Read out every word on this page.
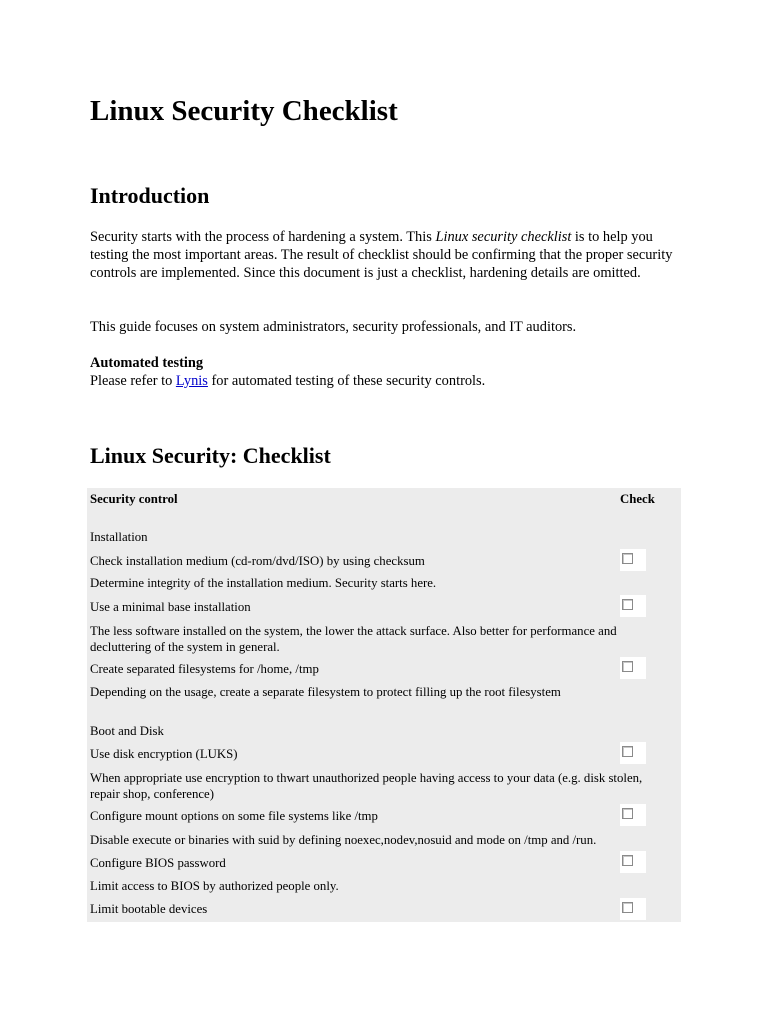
Linux Security Checklist
Introduction

Security starts with the process of hardening a system. This Linux security checklist is to help you testing the most important areas. The result of checklist should be confirming that the proper security controls are implemented. Since this document is just a checklist, hardening details are omitted.

This guide focuses on system administrators, security professionals, and IT auditors.

Automated testing

Please refer to Lynis for automated testing of these security controls.

Linux Security: Checklist
Security control	Check
Installation
Check installation medium (cd-rom/dvd/ISO) by using checksum
Determine integrity of the installation medium. Security starts here.
Use a minimal base installation
The less software installed on the system, the lower the attack surface. Also better for performance and decluttering of the system in general.
Create separated filesystems for /home, /tmp
Depending on the usage, create a separate filesystem to protect filling up the root filesystem
Boot and Disk
Use disk encryption (LUKS)
When appropriate use encryption to thwart unauthorized people having access to your data (e.g. disk stolen, repair shop, conference)
Configure mount options on some file systems like /tmp
Disable execute or binaries with suid by defining noexec,nodev,nosuid and mode on /tmp and /run.
Configure BIOS password
Limit access to BIOS by authorized people only.
Limit bootable devices
